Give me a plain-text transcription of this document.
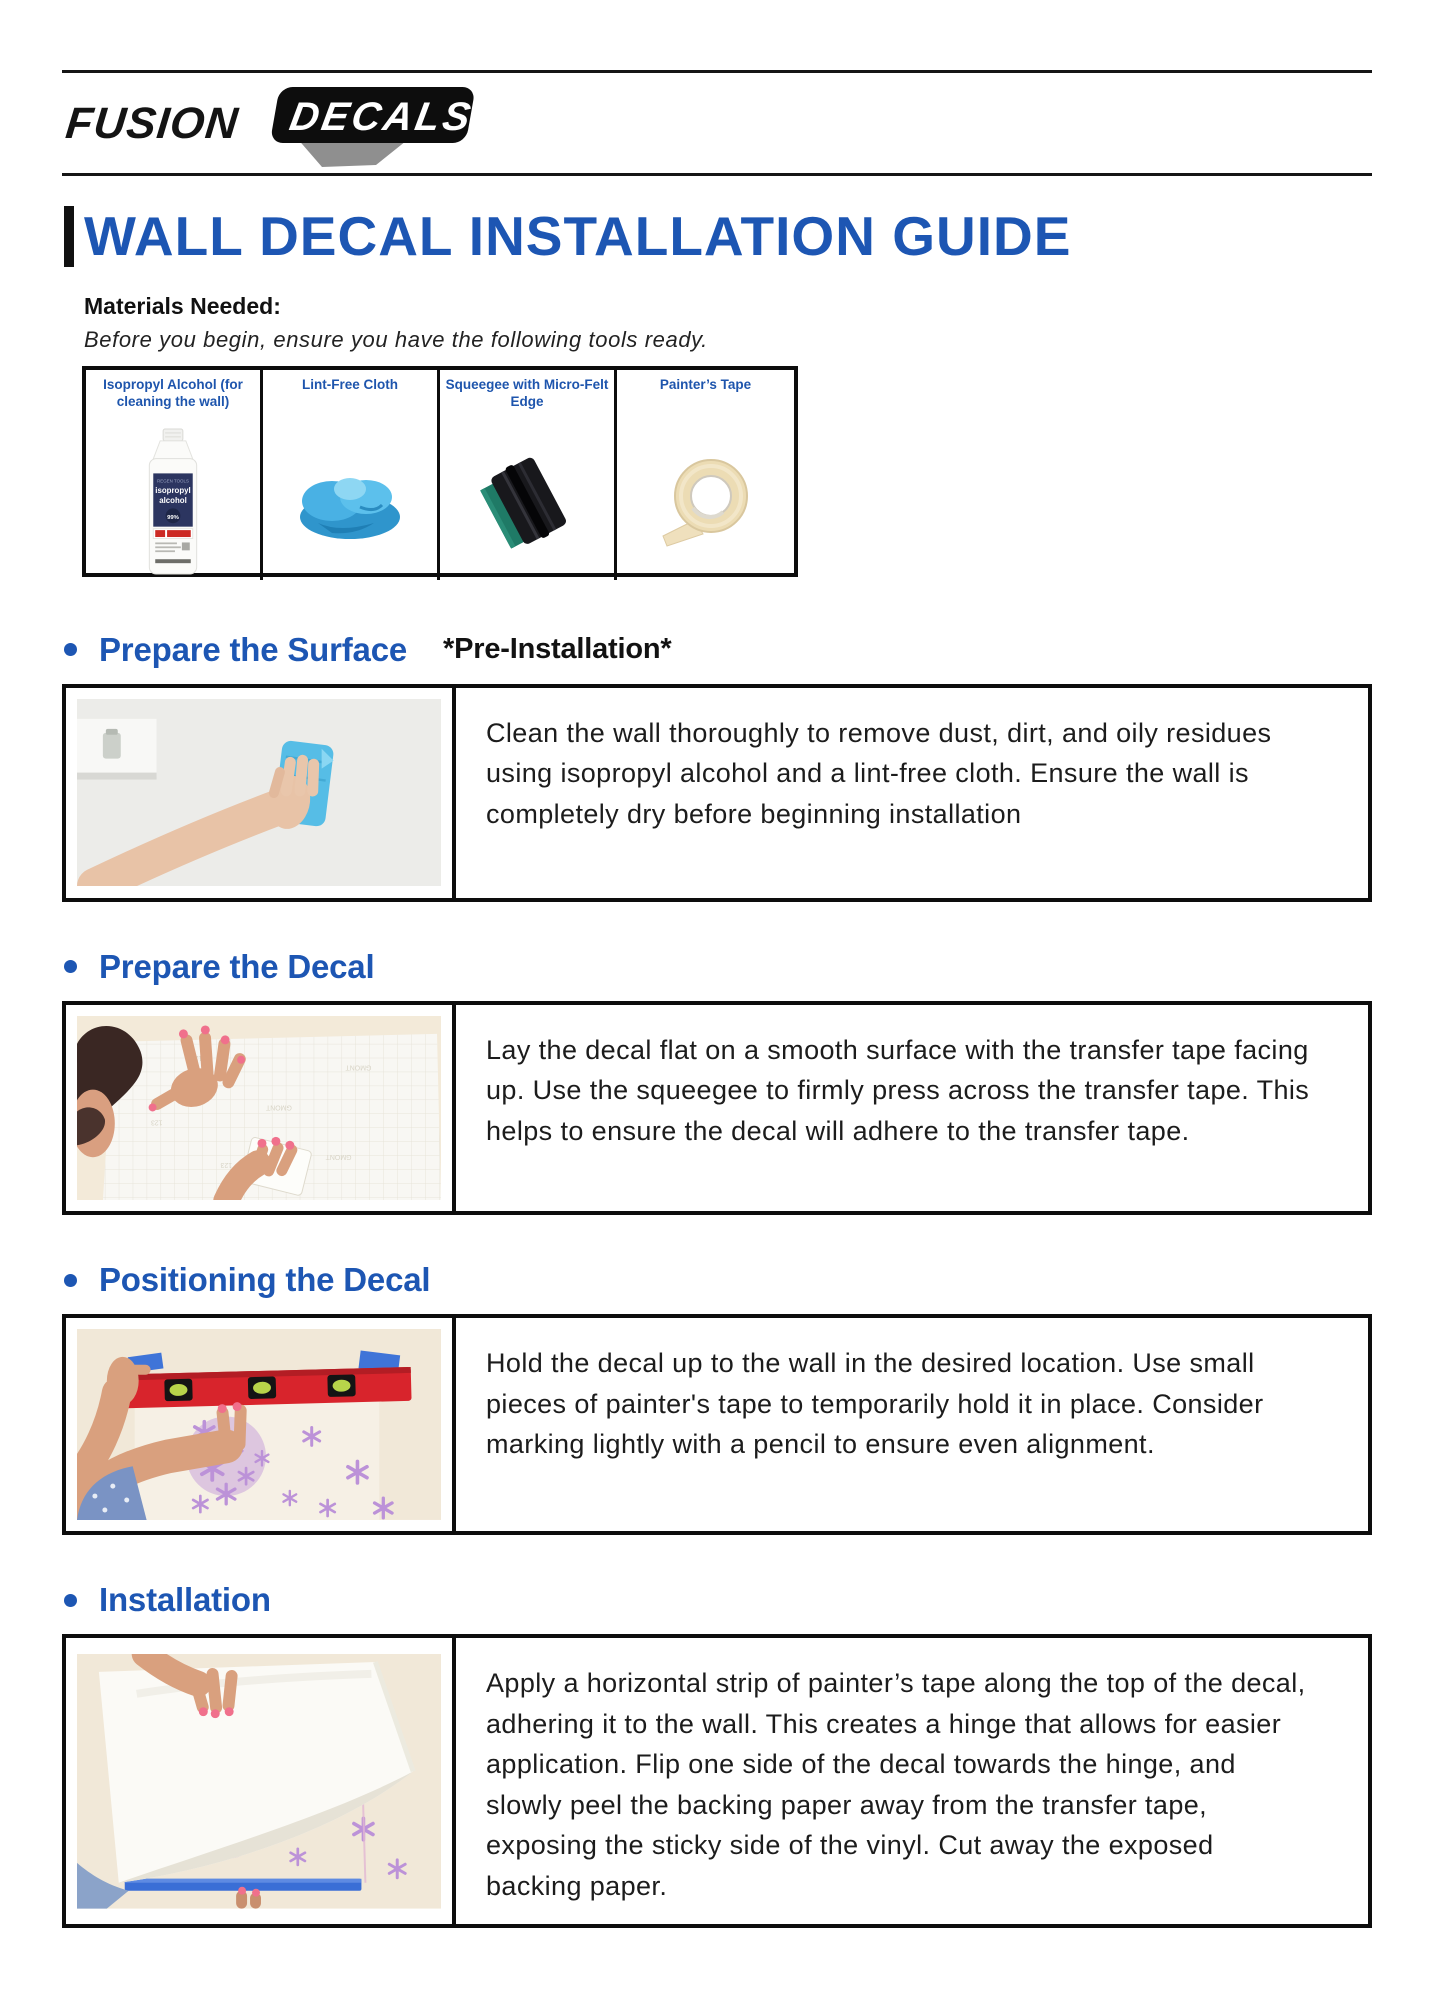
FUSION DECALS
WALL DECAL INSTALLATION GUIDE
Materials Needed:
Before you begin, ensure you have the following tools ready.
Isopropyl Alcohol (for cleaning the wall)
REGEN TOOLS
isopropyl
alcohol
99%
Lint-Free Cloth	Squeegee with Micro-Felt Edge
Painter’s Tape
Prepare the Surface *Pre-Installation*
Clean the wall thoroughly to remove dust, dirt, and oily residues using isopropyl alcohol and a lint-free cloth. Ensure the wall is completely dry before beginning installation
Prepare the Decal
GMONT
123
GMONT
123
GMONT
Lay the decal flat on a smooth surface with the transfer tape facing up. Use the squeegee to firmly press across the transfer tape. This helps to ensure the decal will adhere to the transfer tape.
Positioning the Decal
Hold the decal up to the wall in the desired location. Use small pieces of painter's tape to temporarily hold it in place. Consider marking lightly with a pencil to ensure even alignment.
Installation
Apply a horizontal strip of painter’s tape along the top of the decal, adhering it to the wall. This creates a hinge that allows for easier application. Flip one side of the decal towards the hinge, and slowly peel the backing paper away from the transfer tape, exposing the sticky side of the vinyl. Cut away the exposed backing paper.
